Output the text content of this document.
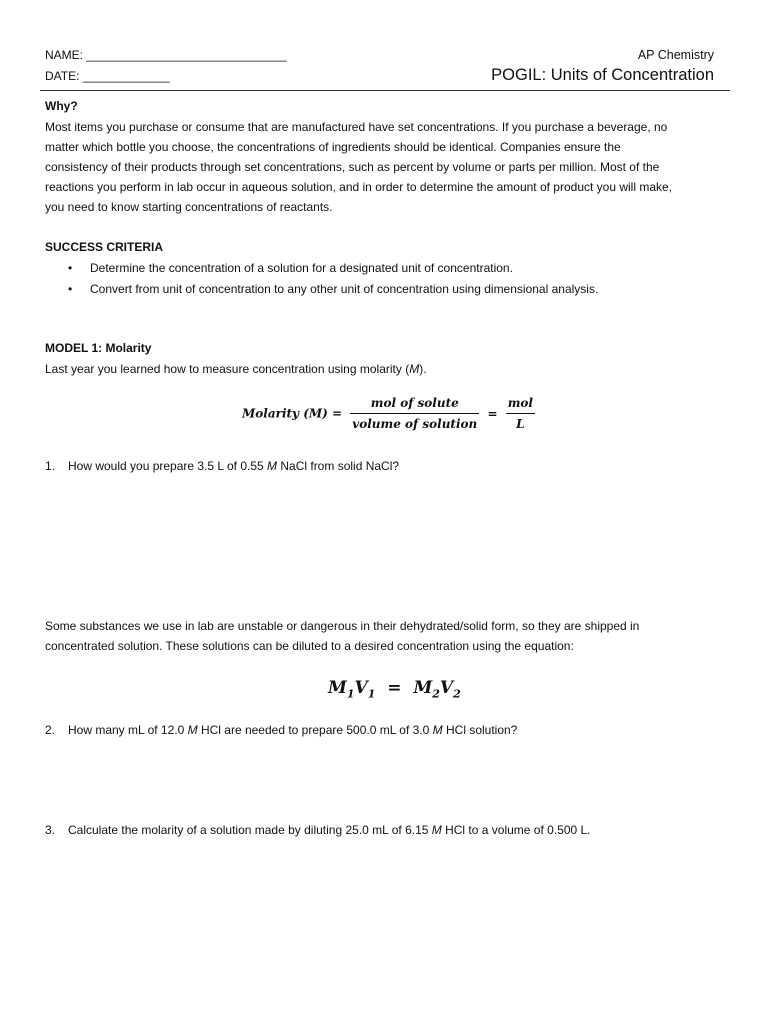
NAME: ______________________________
DATE: _____________
AP Chemistry
POGIL: Units of Concentration
Why?
Most items you purchase or consume that are manufactured have set concentrations. If you purchase a beverage, no
matter which bottle you choose, the concentrations of ingredients should be identical. Companies ensure the
consistency of their products through set concentrations, such as percent by volume or parts per million. Most of the
reactions you perform in lab occur in aqueous solution, and in order to determine the amount of product you will make,
you need to know starting concentrations of reactants.
SUCCESS CRITERIA
• Determine the concentration of a solution for a designated unit of concentration.
• Convert from unit of concentration to any other unit of concentration using dimensional analysis.
MODEL 1: Molarity
Last year you learned how to measure concentration using molarity (M).
Molarity $(M) = \frac{\text{mol of solute}}{\text{volume of solution}} = \frac{\text{mol}}{L}$
1. How would you prepare 3.5 L of 0.55 M NaCl from solid NaCl?
Some substances we use in lab are unstable or dangerous in their dehydrated/solid form, so they are shipped in
concentrated solution. These solutions can be diluted to a desired concentration using the equation:
$M_1V_1 = M_2V_2$
2. How many mL of 12.0 M HCl are needed to prepare 500.0 mL of 3.0 M HCl solution?
3. Calculate the molarity of a solution made by diluting 25.0 mL of 6.15 M HCl to a volume of 0.500 L.
